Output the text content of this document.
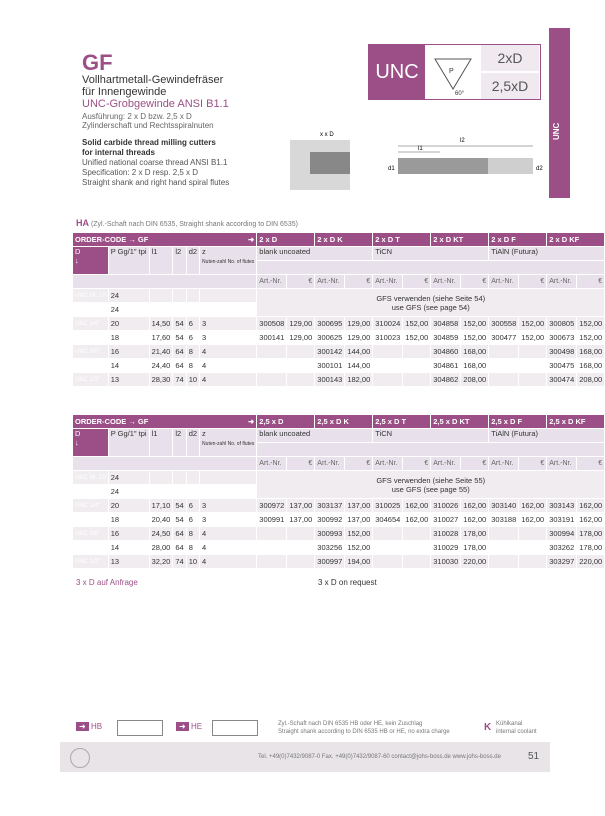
UNC
GF
Vollhartmetall-Gewindefräser
für Innengewinde
UNC-Grobgewinde ANSI B1.1
Ausführung: 2 x D bzw. 2,5 x D
Zylinderschaft und Rechtsspiralnuten
Solid carbide thread milling cutters
for internal threads
Unified national coarse thread ANSI B1.1
Specification: 2 x D resp. 2,5 x D
Straight shank and right hand spiral flutes
UNC	P
60°
2xD
2,5xD
l2
l1
x x D
d1	d2
HA (Zyl.-Schaft nach DIN 6535, Straight shank according to DIN 6535)
ORDER-CODE → GF ➜						2 x D		2 x D K		2 x D T		2 x D KT		2 x D F		2 x D KF	
D
↓	P Gg/1" tpi	l1	l2	d2	z
Nuten-zahl No. of flutes	blank uncoated				TiCN				TiAlN (Futura)			

						Art.-Nr.	€	Art.-Nr.	€	Art.-Nr.	€	Art.-Nr.	€	Art.-Nr.	€	Art.-Nr.	€
UNC Nr. 10	24					GFS verwenden (siehe Seite 54)
use GFS (see page 54)											
UNC Nr. 12	24																
UNC 1/4"	20	14,50	54	6	3	300508	129,00	300695	129,00	310024	152,00	304858	152,00	300558	152,00	300805	152,00
UNC 5/16"	18	17,60	54	6	3	300141	129,00	300625	129,00	310023	152,00	304859	152,00	300477	152,00	300673	152,00
UNC 3/8"	16	21,40	64	8	4			300142	144,00			304860	168,00			300498	168,00
UNC 7/16"	14	24,40	64	8	4			300101	144,00			304861	168,00			300475	168,00
UNC 1/2"	13	28,30	74	10	4			300143	182,00			304862	208,00			300474	208,00
ORDER-CODE → GF ➜						2,5 x D		2,5 x D K		2,5 x D T		2,5 x D KT		2,5 x D F		2,5 x D KF	
D
↓	P Gg/1" tpi	l1	l2	d2	z
Nuten-zahl No. of flutes	blank uncoated				TiCN				TiAlN (Futura)			

						Art.-Nr.	€	Art.-Nr.	€	Art.-Nr.	€	Art.-Nr.	€	Art.-Nr.	€	Art.-Nr.	€
UNC Nr. 10	24					GFS verwenden (siehe Seite 55)
use GFS (see page 55)											
UNC Nr. 12	24																
UNC 1/4"	20	17,10	54	6	3	300972	137,00	303137	137,00	310025	162,00	310026	162,00	303140	162,00	303143	162,00
UNC 5/16"	18	20,40	54	6	3	300991	137,00	300992	137,00	304654	162,00	310027	162,00	303188	162,00	303191	162,00
UNC 3/8"	16	24,50	64	8	4			300993	152,00			310028	178,00			300994	178,00
UNC 7/16"	14	28,00	64	8	4			303256	152,00			310029	178,00			303262	178,00
UNC 1/2"	13	32,20	74	10	4			300997	194,00			310030	220,00			303297	220,00
3 x D auf Anfrage	3 x D on request
➜ HB	➜ HE	Zyl.-Schaft nach DIN 6535 HB oder HE, kein Zuschlag
Straight shank according to DIN 6535 HB or HE, no extra charge	K Kühlkanal
internal coolant
Tel. +49(0)7432/9087-0 Fax. +49(0)7432/9087-60 contact@johs-boss.de www.johs-boss.de	51
